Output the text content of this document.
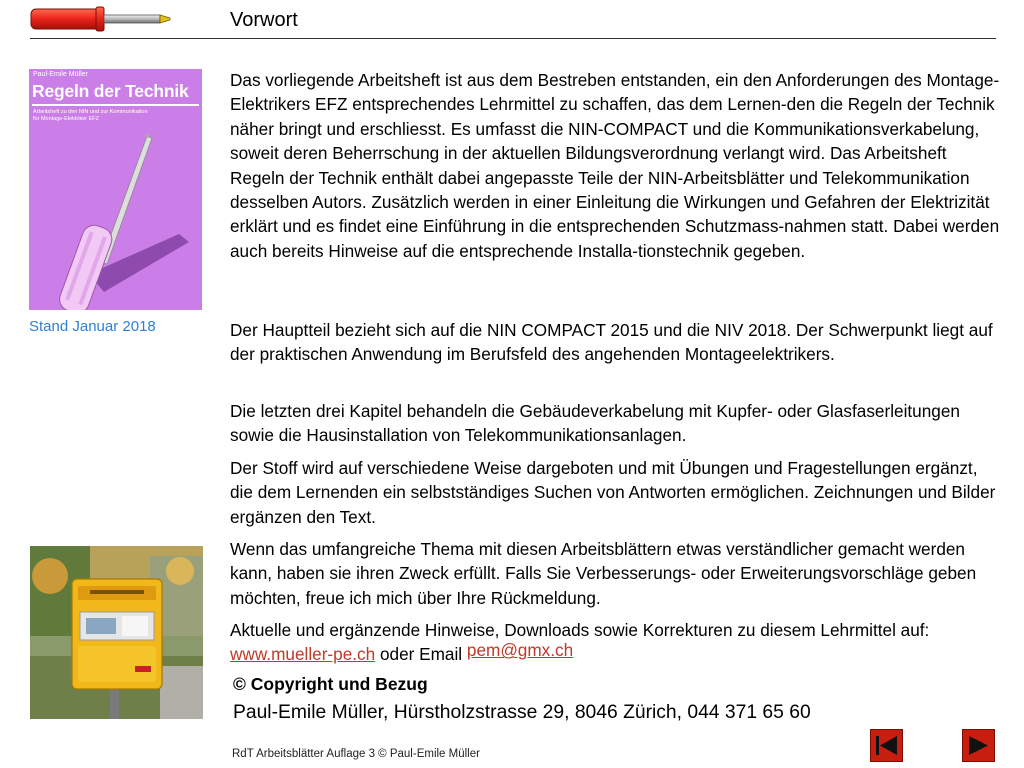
Vorwort
Paul-Emile Müller
Regeln der Technik
Arbeitsheft zu den NIN und zur Kommunikation
für Montage-Elektriker EFZ
Stand Januar 2018
Das vorliegende Arbeitsheft ist aus dem Bestreben entstanden, ein den Anforderungen des Montage-Elektrikers EFZ entsprechendes Lehrmittel zu schaffen, das dem Lernen-den die Regeln der Technik näher bringt und erschliesst. Es umfasst die NIN-COMPACT und die Kommunikationsverkabelung, soweit deren Beherrschung in der aktuellen Bildungsverordnung verlangt wird. Das Arbeitsheft Regeln der Technik enthält dabei angepasste Teile der NIN-Arbeitsblätter und Telekommunikation desselben Autors. Zusätzlich werden in einer Einleitung die Wirkungen und Gefahren der Elektrizität erklärt und es findet eine Einführung in die entsprechenden Schutzmass-nahmen statt. Dabei werden auch bereits Hinweise auf die entsprechende Installa-tionstechnik gegeben.
Der Hauptteil bezieht sich auf die NIN COMPACT 2015 und die NIV 2018. Der Schwerpunkt liegt auf der praktischen Anwendung im Berufsfeld des angehenden Montageelektrikers.
Die letzten drei Kapitel behandeln die Gebäudeverkabelung mit Kupfer- oder Glasfaserleitungen sowie die Hausinstallation von Telekommunikationsanlagen.
Der Stoff wird auf verschiedene Weise dargeboten und mit Übungen und Fragestellungen ergänzt, die dem Lernenden ein selbstständiges Suchen von Antworten ermöglichen. Zeichnungen und Bilder ergänzen den Text.
Wenn das umfangreiche Thema mit diesen Arbeitsblättern etwas verständlicher gemacht werden kann, haben sie ihren Zweck erfüllt. Falls Sie Verbesserungs- oder Erweiterungsvorschläge geben möchten, freue ich mich über Ihre Rückmeldung.
Aktuelle und ergänzende Hinweise, Downloads sowie Korrekturen zu diesem Lehrmittel auf: www.mueller-pe.ch oder Email pem@gmx.ch
© Copyright und Bezug
Paul-Emile Müller, Hürstholzstrasse 29, 8046 Zürich, 044 371 65 60
RdT Arbeitsblätter Auflage 3 © Paul-Emile Müller
